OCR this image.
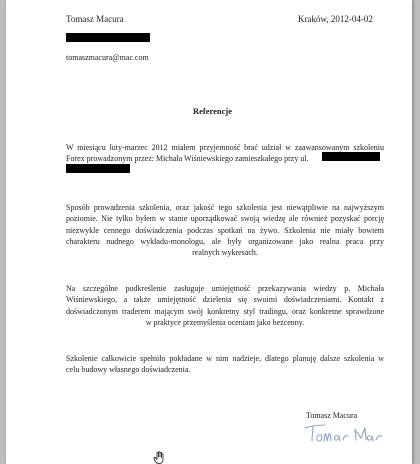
Tomasz Macura	Kraków, 2012-04-02
tomaszmacura@mac.com
Referencje
W miesiącu luty-marzec 2012 miałem przyjemność brać udział w zaawansowanym szkoleniu
Forex prowadzonym przez: Michała Wiśniewskiego zamieszkałego przy ul.
Sposób prowadzenia szkolenia, oraz jakość tego szkolenia jest niewątpliwie na najwyższym
poziomie. Nie tylko byłem w stanie uporządkować swoją wiedzę ale również pozyskać porcję
niezwykle cennego doświadczenia podczas spotkań na żywo. Szkolenia nie miały bowiem
charakteru nudnego wykładu-monologu, ale były organizowane jako realna praca przy
realnych wykresach.
Na szczególne podkreślenie zasługuje umiejętność przekazywania wiedzy p. Michała
Wiśniewskiego, a także umiejętność dzielenia się swoimi doświadczeniami. Kontakt z
doświadczonym traderem mającym swój konkretny styl tradingu, oraz konkretne sprawdzone
w praktyce przemyślenia oceniam jako bezcenny.
Szkolenie całkowicie spełniło pokładane w nim nadzieje, dlatego planuję dalsze szkolenia w
celu budowy własnego doświadczenia.
Tomasz Macura
